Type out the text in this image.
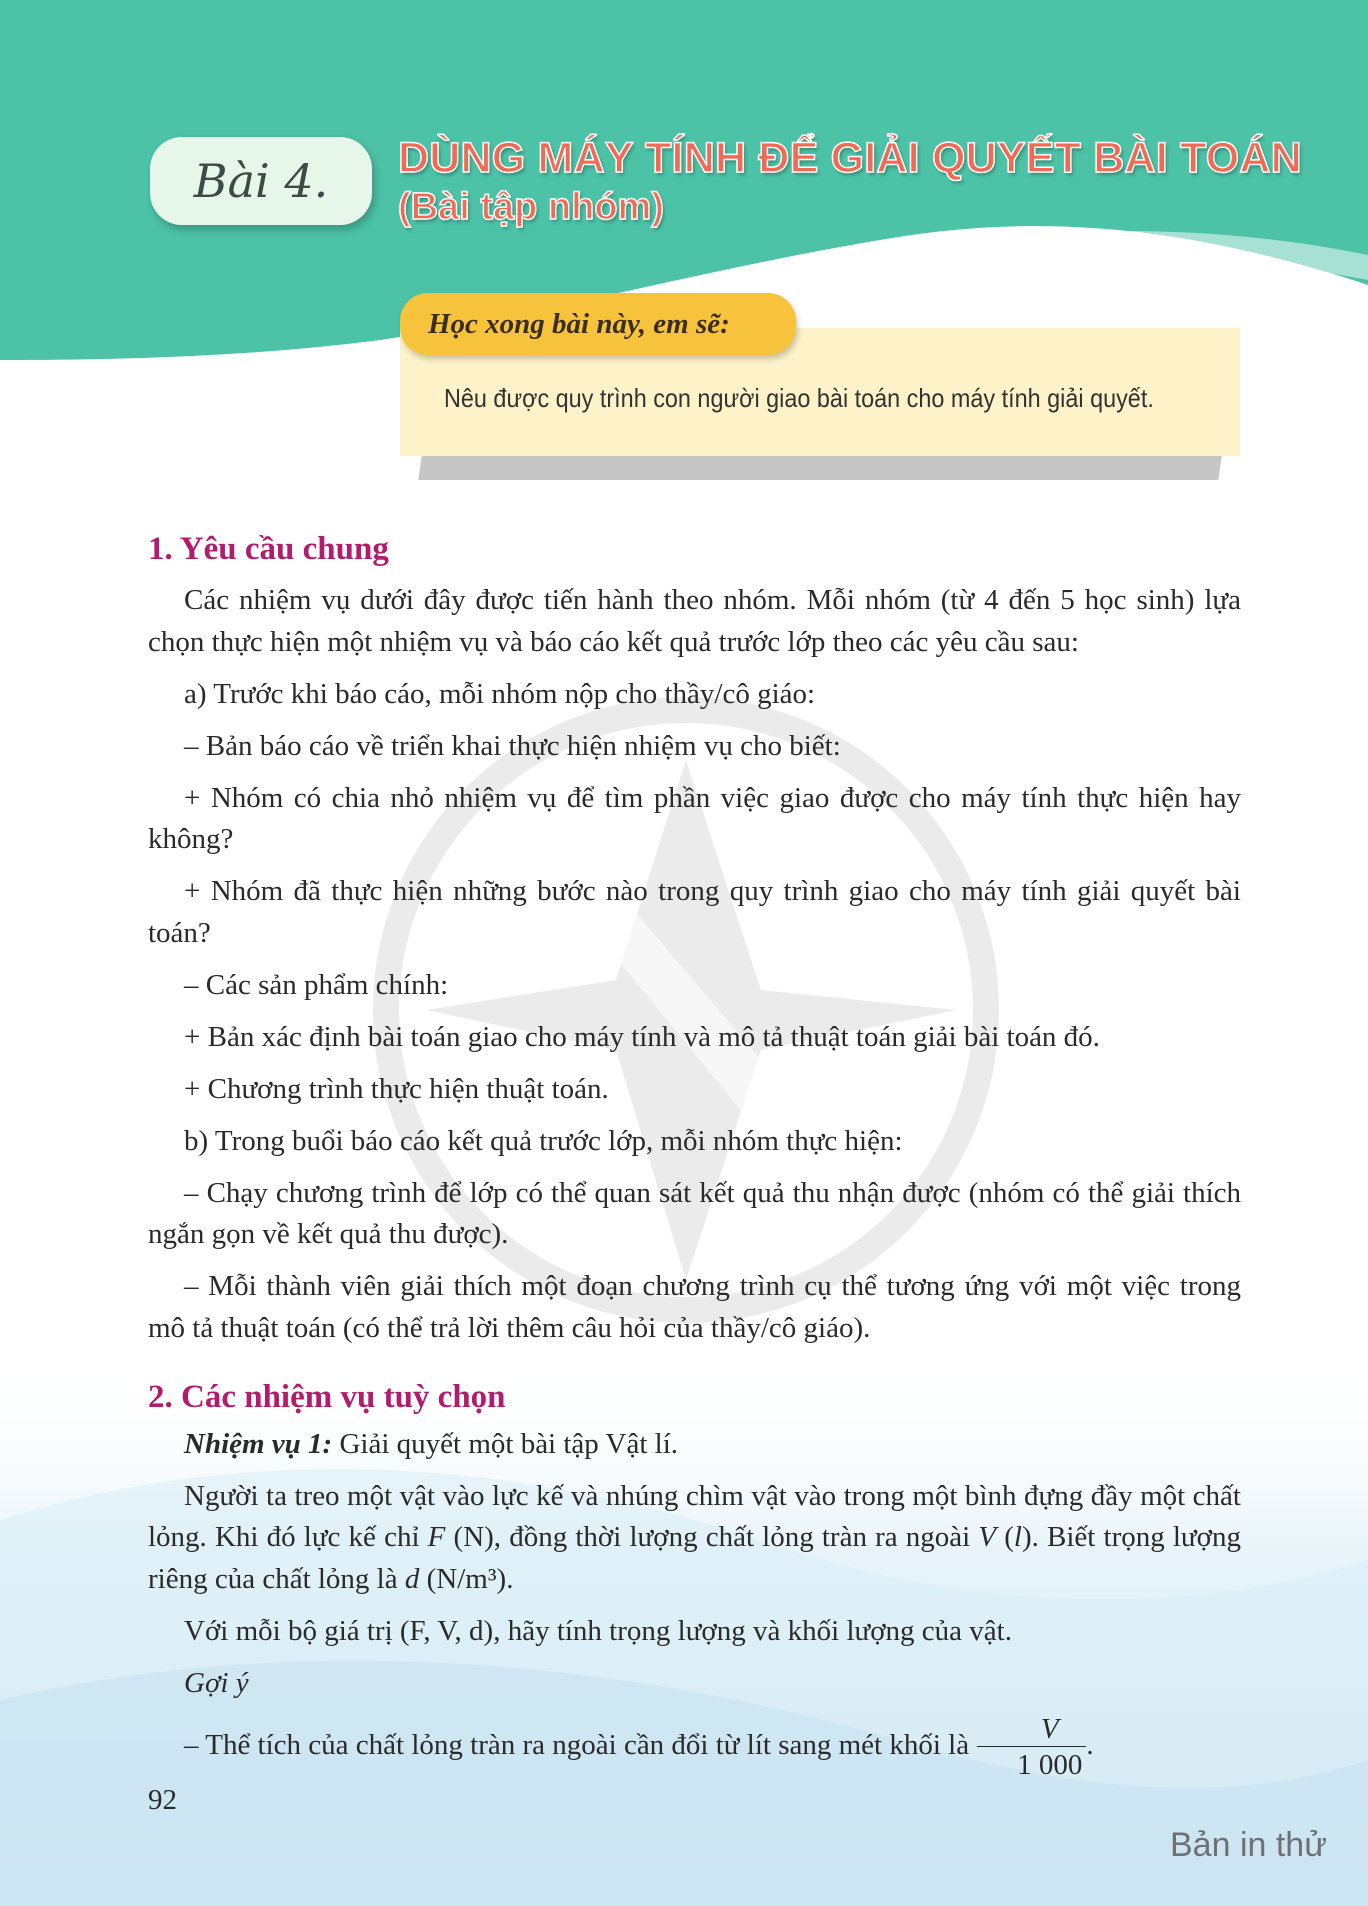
Bài 4.	DÙNG MÁY TÍNH ĐỂ GIẢI QUYẾT BÀI TOÁN
(Bài tập nhóm)
Học xong bài này, em sẽ:
Nêu được quy trình con người giao bài toán cho máy tính giải quyết.
1. Yêu cầu chung

Các nhiệm vụ dưới đây được tiến hành theo nhóm. Mỗi nhóm (từ 4 đến 5 học sinh) lựa chọn thực hiện một nhiệm vụ và báo cáo kết quả trước lớp theo các yêu cầu sau:

a) Trước khi báo cáo, mỗi nhóm nộp cho thầy/cô giáo:

– Bản báo cáo về triển khai thực hiện nhiệm vụ cho biết:

+ Nhóm có chia nhỏ nhiệm vụ để tìm phần việc giao được cho máy tính thực hiện hay không?

+ Nhóm đã thực hiện những bước nào trong quy trình giao cho máy tính giải quyết bài toán?

– Các sản phẩm chính:

+ Bản xác định bài toán giao cho máy tính và mô tả thuật toán giải bài toán đó.

+ Chương trình thực hiện thuật toán.

b) Trong buổi báo cáo kết quả trước lớp, mỗi nhóm thực hiện:

– Chạy chương trình để lớp có thể quan sát kết quả thu nhận được (nhóm có thể giải thích ngắn gọn về kết quả thu được).

– Mỗi thành viên giải thích một đoạn chương trình cụ thể tương ứng với một việc trong mô tả thuật toán (có thể trả lời thêm câu hỏi của thầy/cô giáo).

2. Các nhiệm vụ tuỳ chọn

Nhiệm vụ 1: Giải quyết một bài tập Vật lí.

Người ta treo một vật vào lực kế và nhúng chìm vật vào trong một bình đựng đầy một chất lỏng. Khi đó lực kế chỉ F (N), đồng thời lượng chất lỏng tràn ra ngoài V (l). Biết trọng lượng riêng của chất lỏng là d (N/m³).

Với mỗi bộ giá trị (F, V, d), hãy tính trọng lượng và khối lượng của vật.

Gợi ý

– Thể tích của chất lỏng tràn ra ngoài cần đổi từ lít sang mét khối là $\frac{V}{1 000}$ .

92
Bản in thử
